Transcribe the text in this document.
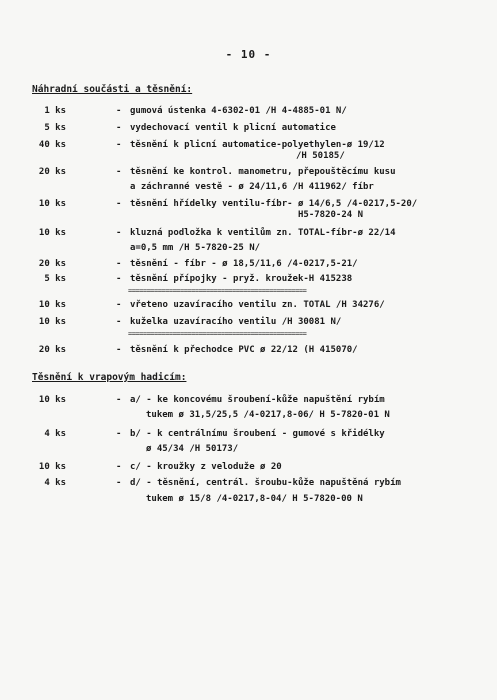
- 10 -
Náhradní součásti a těsnění:
1 ks	- gumová ústenka 4-6302-01 /H 4-4885-01 N/
5 ks	- vydechovací ventil k plicní automatice
40 ks	- těsnění k plicní automatice-polyethylen-ø 19/12
/H 50185/
20 ks	- těsnění ke kontrol. manometru, přepouštěcímu kusu
a záchranné vestě - ø 24/11,6 /H 411962/ fíbr
10 ks	- těsnění hřídelky ventilu-fíbr- ø 14/6,5 /4-0217,5-20/
H5-7820-24 N
10 ks	- kluzná podložka k ventilům zn. TOTAL-fíbr-ø 22/14
a=0,5 mm /H 5-7820-25 N/
20 ks	- těsnění - fíbr - ø 18,5/11,6 /4-0217,5-21/
5 ks	- těsnění přípojky - pryž. kroužek-H 415238
================================================
10 ks	- vřeteno uzavíracího ventilu zn. TOTAL /H 34276/
10 ks	- kuželka uzavíracího ventilu /H 30081 N/
================================================
20 ks	- těsnění k přechodce PVC ø 22/12 (H 415070/
Těsnění k vrapovým hadicím:
10 ks	- a/ - ke koncovému šroubení-kůže napuštění rybím
tukem ø 31,5/25,5 /4-0217,8-06/ H 5-7820-01 N
4 ks	- b/ - k centrálnímu šroubení - gumové s křidélky
ø 45/34 /H 50173/
10 ks	- c/ - kroužky z velodužе ø 20
4 ks	- d/ - těsnění, centrál. šroubu-kůže napuštěná rybím
tukem ø 15/8 /4-0217,8-04/ H 5-7820-00 N
